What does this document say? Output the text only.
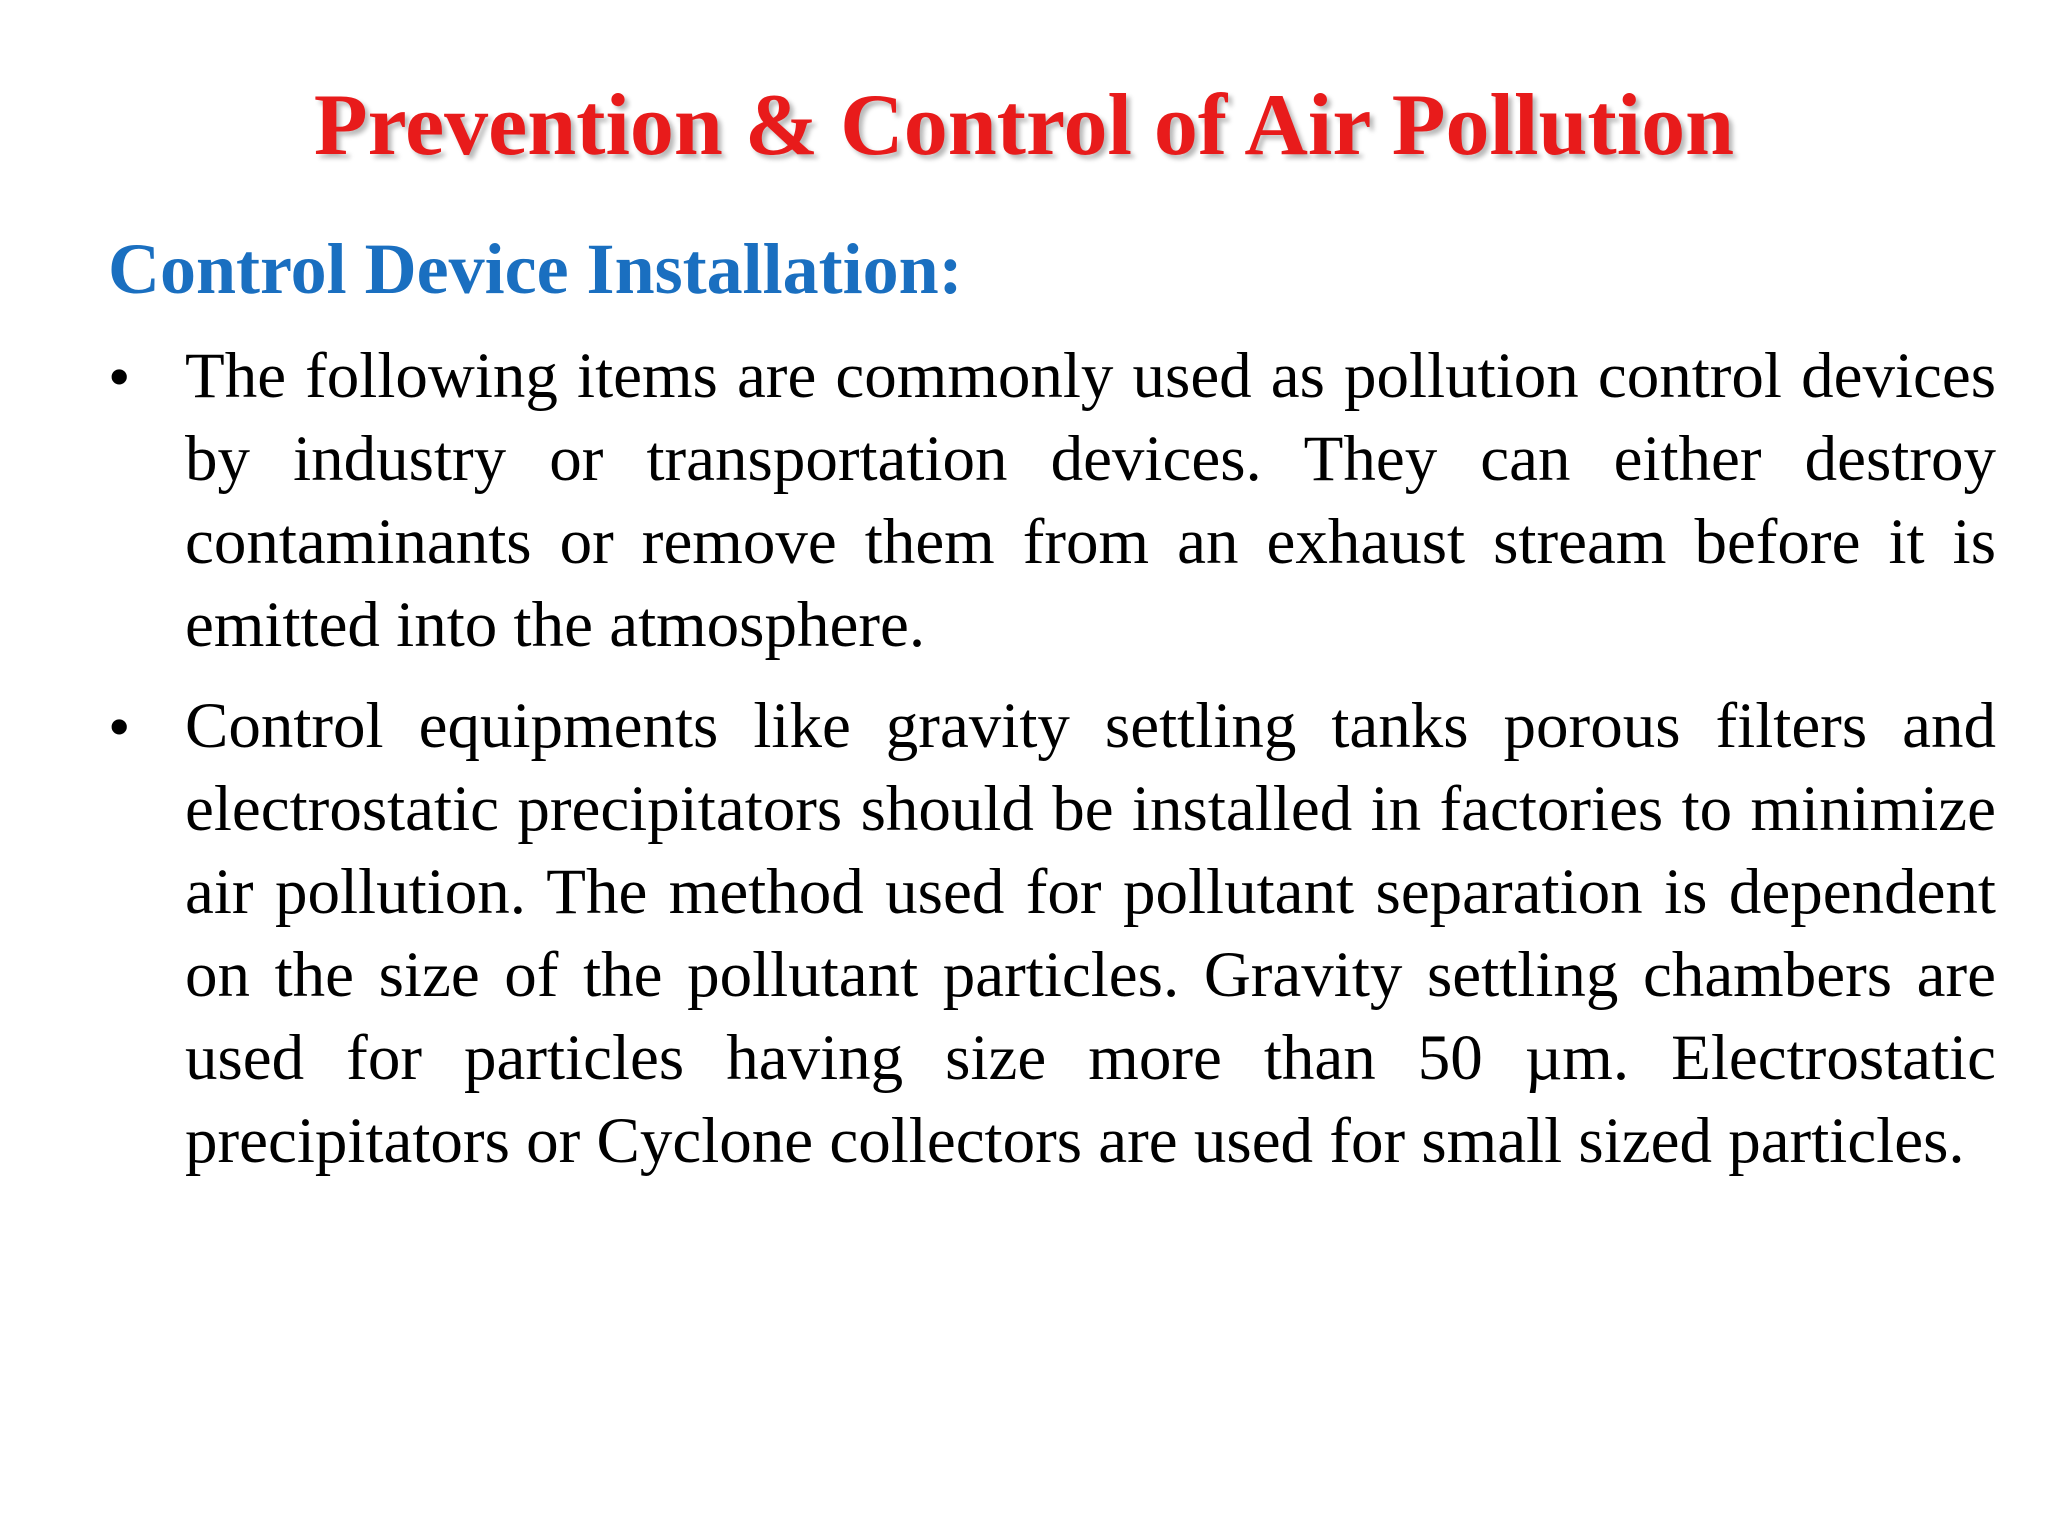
Prevention & Control of Air Pollution
Control Device Installation:
• The following items are commonly used as pollution control devices by industry or transportation devices. They can either destroy contaminants or remove them from an exhaust stream before it is emitted into the atmosphere.

• Control equipments like gravity settling tanks porous filters and electrostatic precipitators should be installed in factories to minimize air pollution. The method used for pollutant separation is dependent on the size of the pollutant particles. Gravity settling chambers are used for particles having size more than 50 µm. Electrostatic precipitators or Cyclone collectors are used for small sized particles.
